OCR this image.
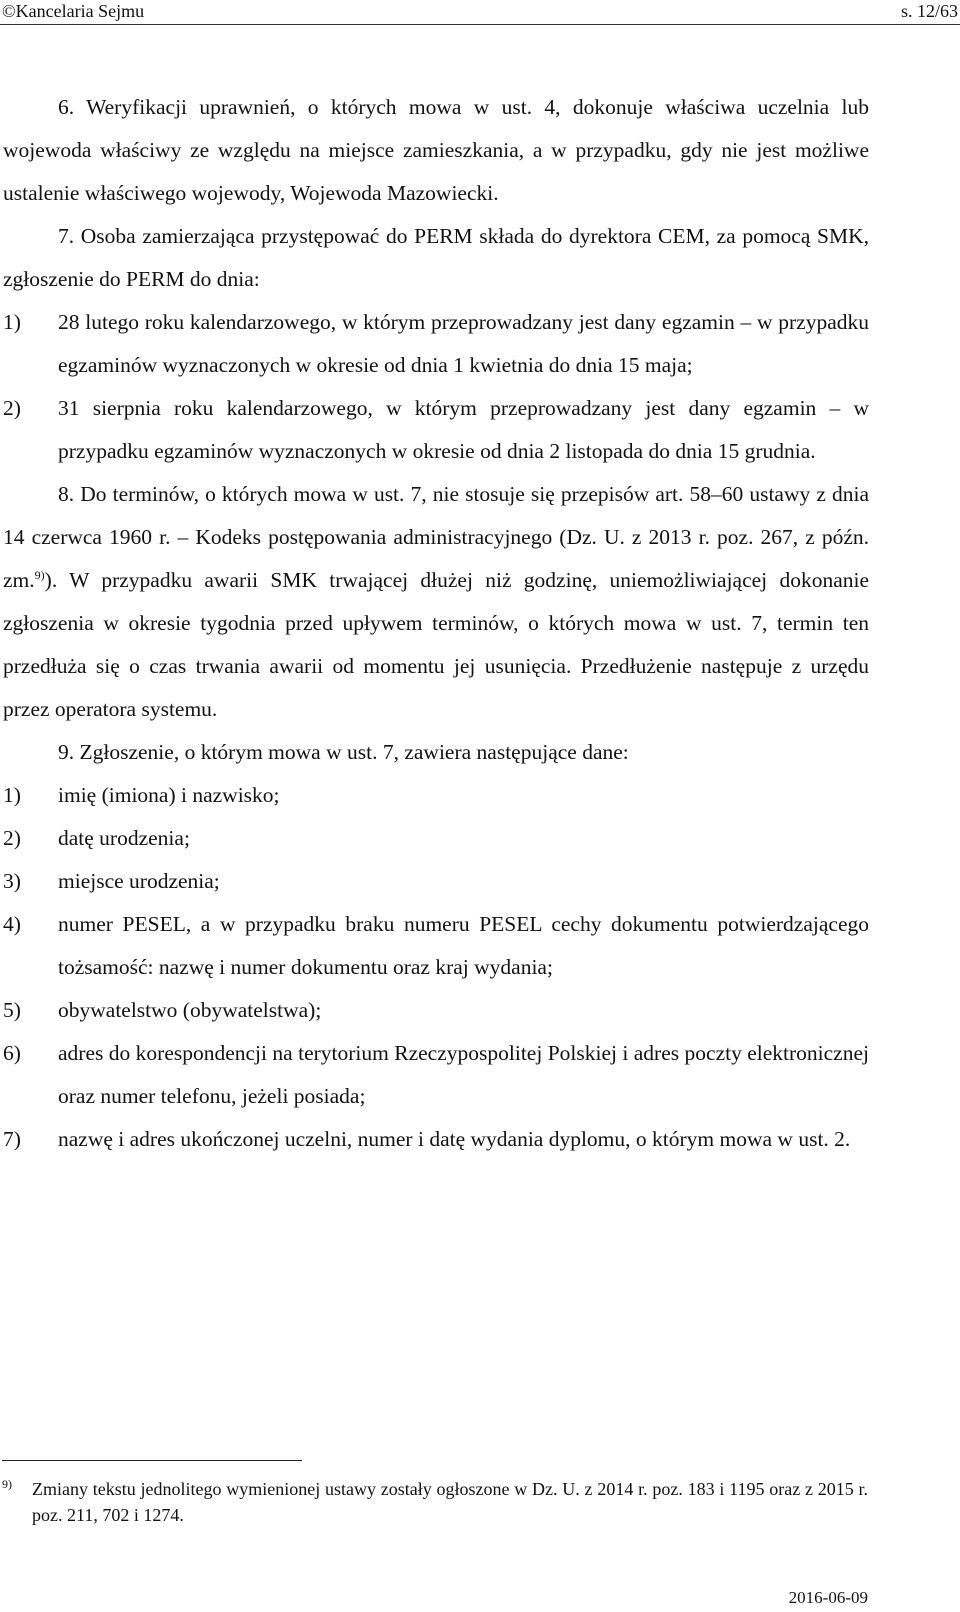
©Kancelaria Sejmu	s. 12/63

6. Weryfikacji uprawnień, o których mowa w ust. 4, dokonuje właściwa uczelnia lub wojewoda właściwy ze względu na miejsce zamieszkania, a w przypadku, gdy nie jest możliwe ustalenie właściwego wojewody, Wojewoda Mazowiecki.

7. Osoba zamierzająca przystępować do PERM składa do dyrektora CEM, za pomocą SMK, zgłoszenie do PERM do dnia:

1)	28 lutego roku kalendarzowego, w którym przeprowadzany jest dany egzamin – w przypadku egzaminów wyznaczonych w okresie od dnia 1 kwietnia do dnia 15 maja;
2)	31 sierpnia roku kalendarzowego, w którym przeprowadzany jest dany egzamin – w przypadku egzaminów wyznaczonych w okresie od dnia 2 listopada do dnia 15 grudnia.

8. Do terminów, o których mowa w ust. 7, nie stosuje się przepisów art. 58–60 ustawy z dnia 14 czerwca 1960 r. – Kodeks postępowania administracyjnego (Dz. U. z 2013 r. poz. 267, z późn. zm.$^{9)}$). W przypadku awarii SMK trwającej dłużej niż godzinę, uniemożliwiającej dokonanie zgłoszenia w okresie tygodnia przed upływem terminów, o których mowa w ust. 7, termin ten przedłuża się o czas trwania awarii od momentu jej usunięcia. Przedłużenie następuje z urzędu przez operatora systemu.

9. Zgłoszenie, o którym mowa w ust. 7, zawiera następujące dane:

1)	imię (imiona) i nazwisko;
2)	datę urodzenia;
3)	miejsce urodzenia;
4)	numer PESEL, a w przypadku braku numeru PESEL cechy dokumentu potwierdzającego tożsamość: nazwę i numer dokumentu oraz kraj wydania;
5)	obywatelstwo (obywatelstwa);
6)	adres do korespondencji na terytorium Rzeczypospolitej Polskiej i adres poczty elektronicznej oraz numer telefonu, jeżeli posiada;
7)	nazwę i adres ukończonej uczelni, numer i datę wydania dyplomu, o którym mowa w ust. 2.
9)	Zmiany tekstu jednolitego wymienionej ustawy zostały ogłoszone w Dz. U. z 2014 r. poz. 183 i 1195 oraz z 2015 r. poz. 211, 702 i 1274.
2016-06-09
